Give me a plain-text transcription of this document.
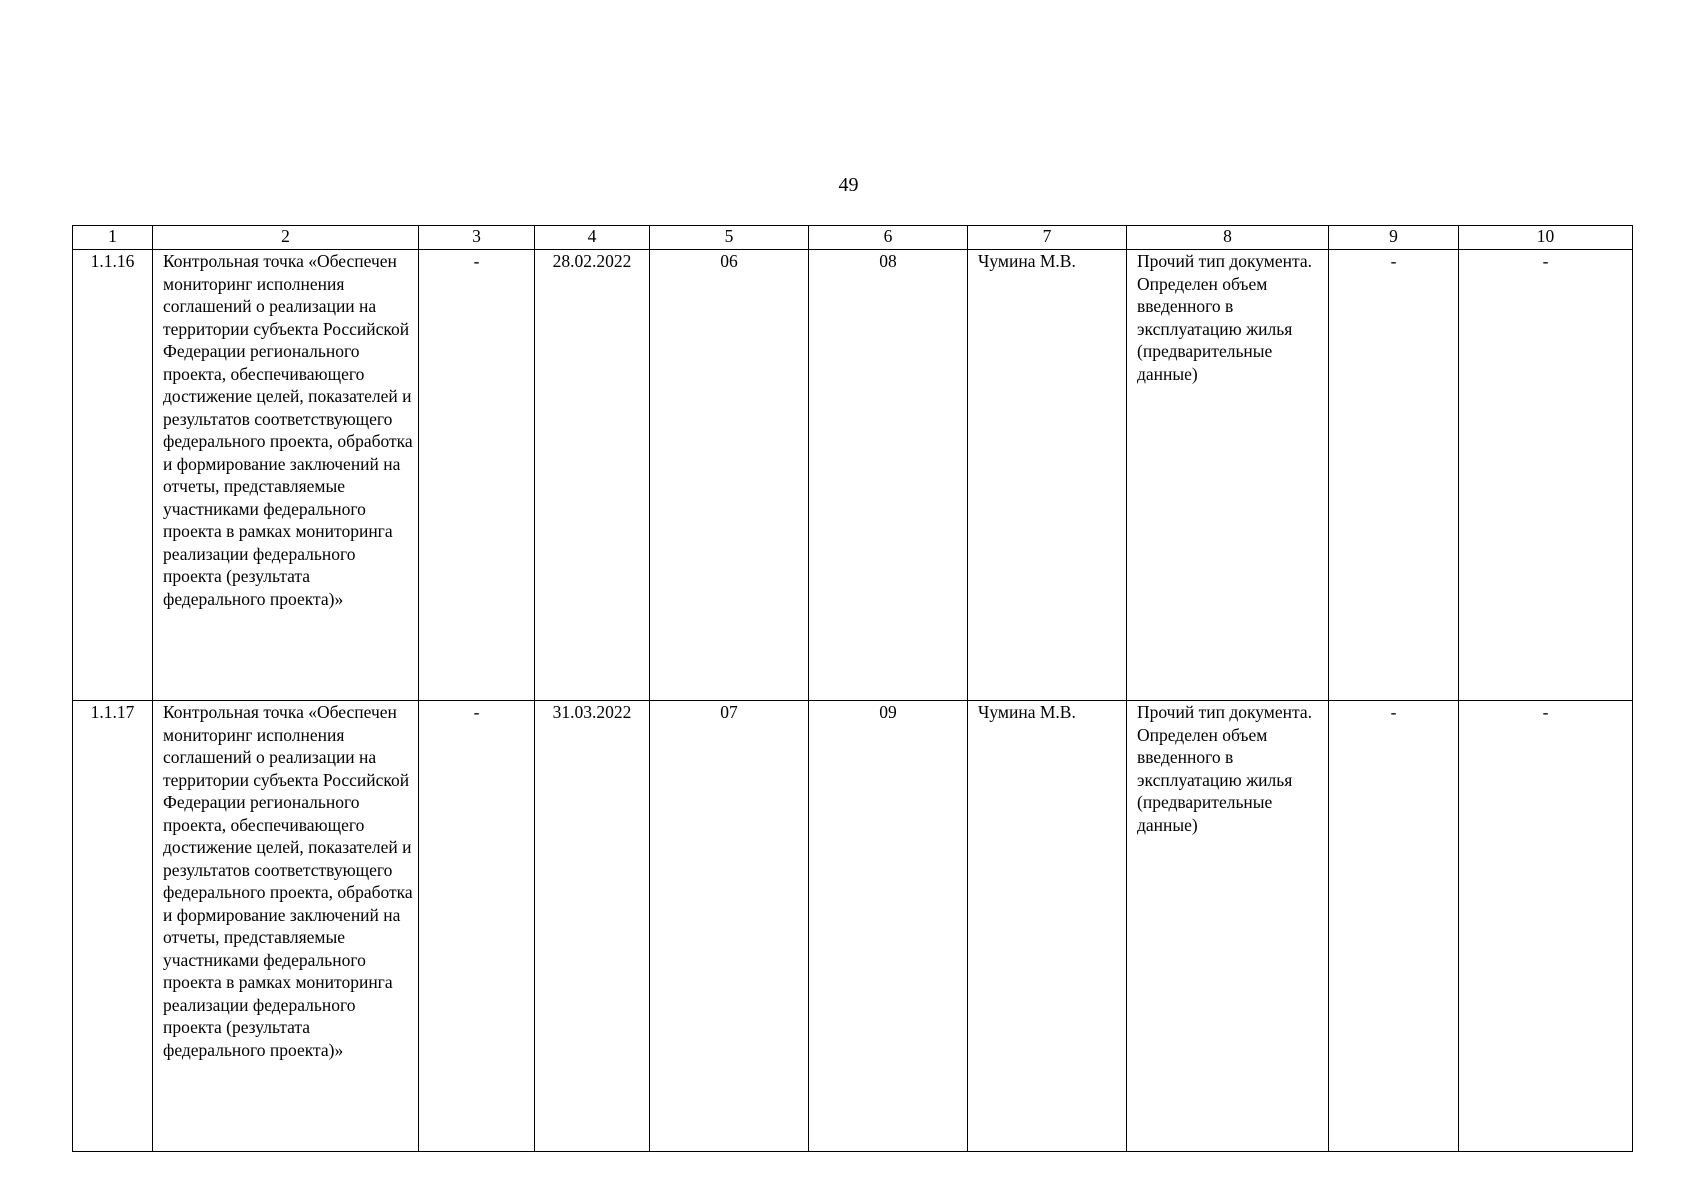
49
1	2	3	4	5	6	7	8	9	10
1.1.16	Контрольная точка «Обеспечен мониторинг исполнения соглашений о реализации на территории субъекта Российской Федерации регионального проекта, обеспечивающего достижение целей, показателей и результатов соответствующего федерального проекта, обработка и формирование заключений на отчеты, представляемые участниками федерального проекта в рамках мониторинга реализации федерального проекта (результата федерального проекта)»	-	28.02.2022	06	08	Чумина М.В.	Прочий тип документа. Определен объем введенного в эксплуатацию жилья (предварительные данные)	-	-
1.1.17	Контрольная точка «Обеспечен мониторинг исполнения соглашений о реализации на территории субъекта Российской Федерации регионального проекта, обеспечивающего достижение целей, показателей и результатов соответствующего федерального проекта, обработка и формирование заключений на отчеты, представляемые участниками федерального проекта в рамках мониторинга реализации федерального проекта (результата федерального проекта)»	-	31.03.2022	07	09	Чумина М.В.	Прочий тип документа. Определен объем введенного в эксплуатацию жилья (предварительные данные)	-	-
